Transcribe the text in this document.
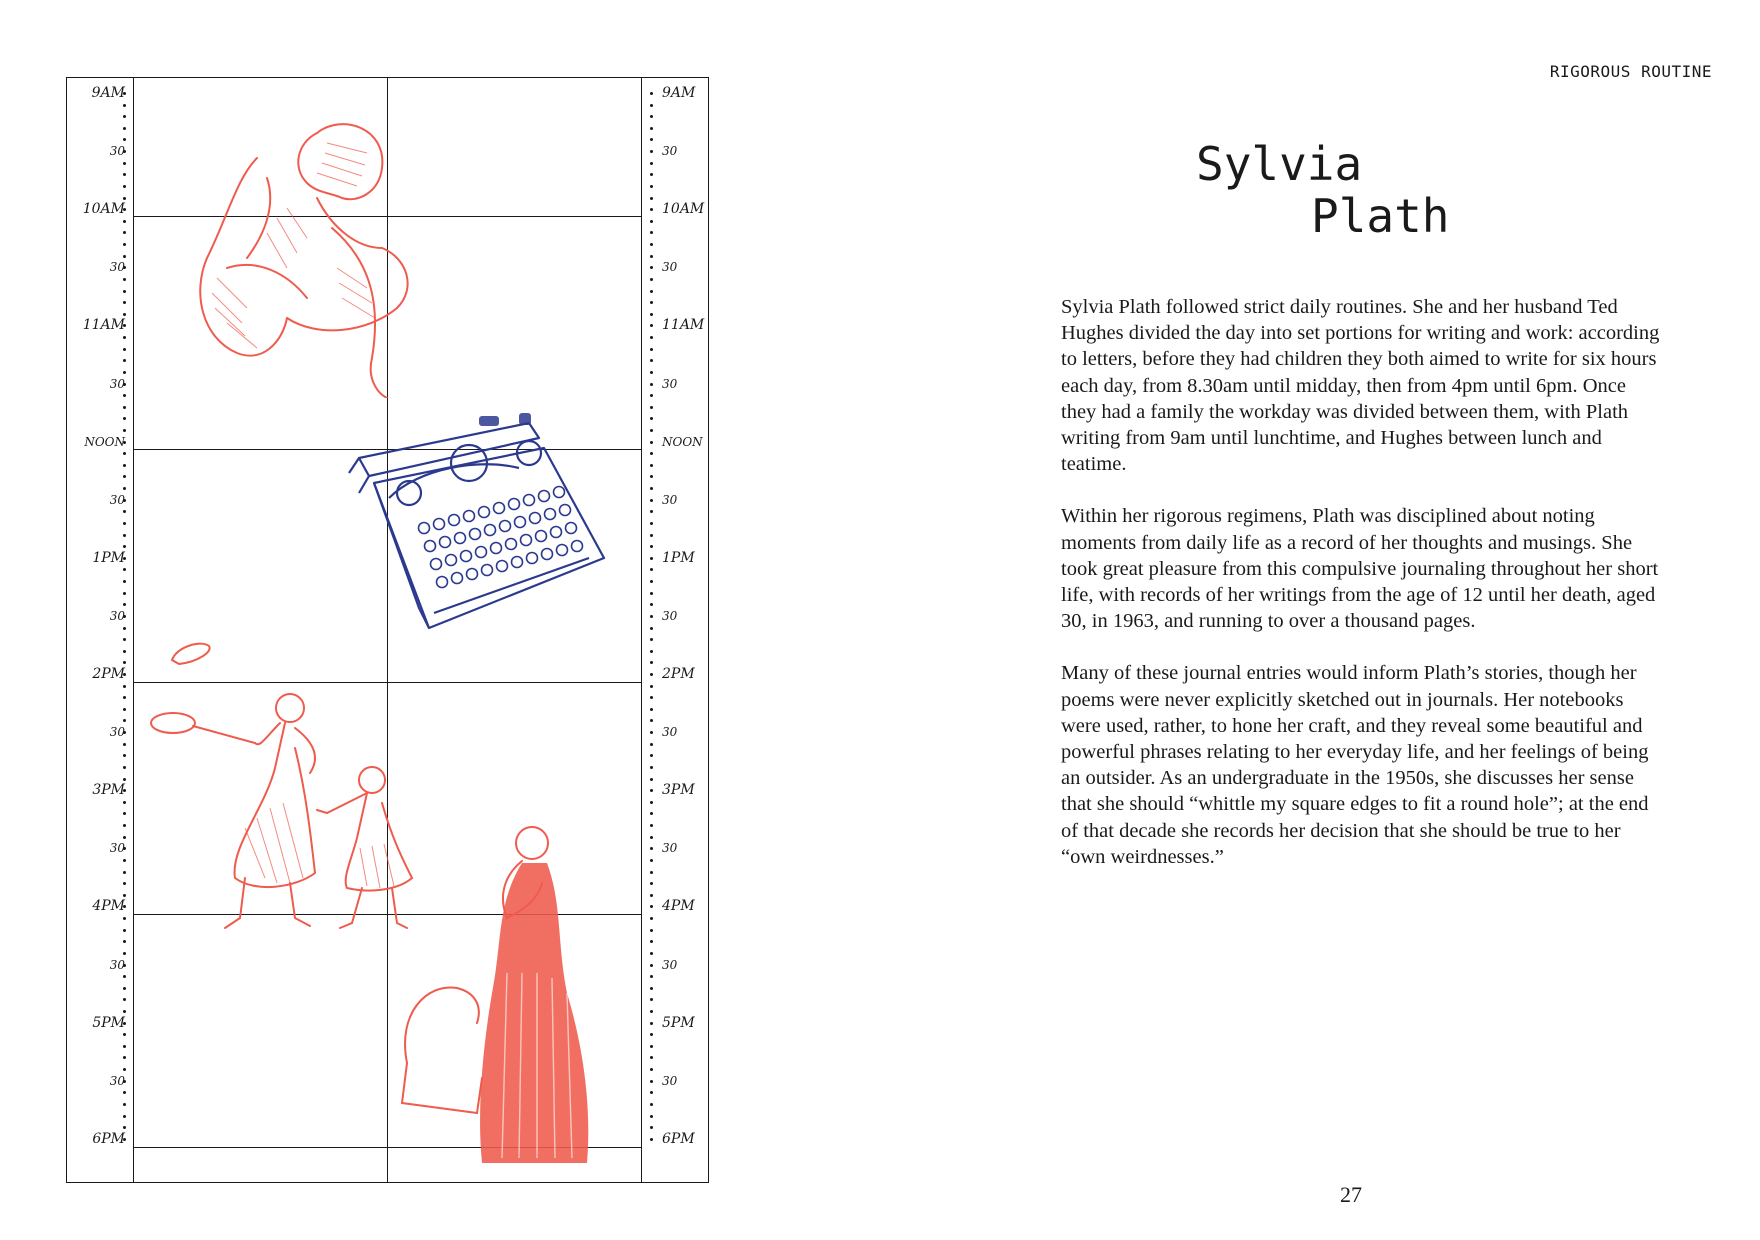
9AM
30
10AM
30
11AM
30
NOON
30
1PM
30
2PM
30
3PM
30
4PM
30
5PM
30
6PM
9AM
30
10AM
30
11AM
30
NOON
30
1PM
30
2PM
30
3PM
30
4PM
30
5PM
30
6PM
RIGOROUS ROUTINE
Sylvia
Plath

Sylvia Plath followed strict daily routines. She and her husband Ted Hughes divided the day into set portions for writing and work: according to letters, before they had children they both aimed to write for six hours each day, from 8.30am until midday, then from 4pm until 6pm. Once they had a family the workday was divided between them, with Plath writing from 9am until lunchtime, and Hughes between lunch and teatime.

Within her rigorous regimens, Plath was disciplined about noting moments from daily life as a record of her thoughts and musings. She took great pleasure from this compulsive journaling throughout her short life, with records of her writings from the age of 12 until her death, aged 30, in 1963, and running to over a thousand pages.

Many of these journal entries would inform Plath’s stories, though her poems were never explicitly sketched out in journals. Her notebooks were used, rather, to hone her craft, and they reveal some beautiful and powerful phrases relating to her everyday life, and her feelings of being an outsider. As an undergraduate in the 1950s, she discusses her sense that she should “whittle my square edges to fit a round hole”; at the end of that decade she records her decision that she should be true to her “own weirdnesses.”

27
